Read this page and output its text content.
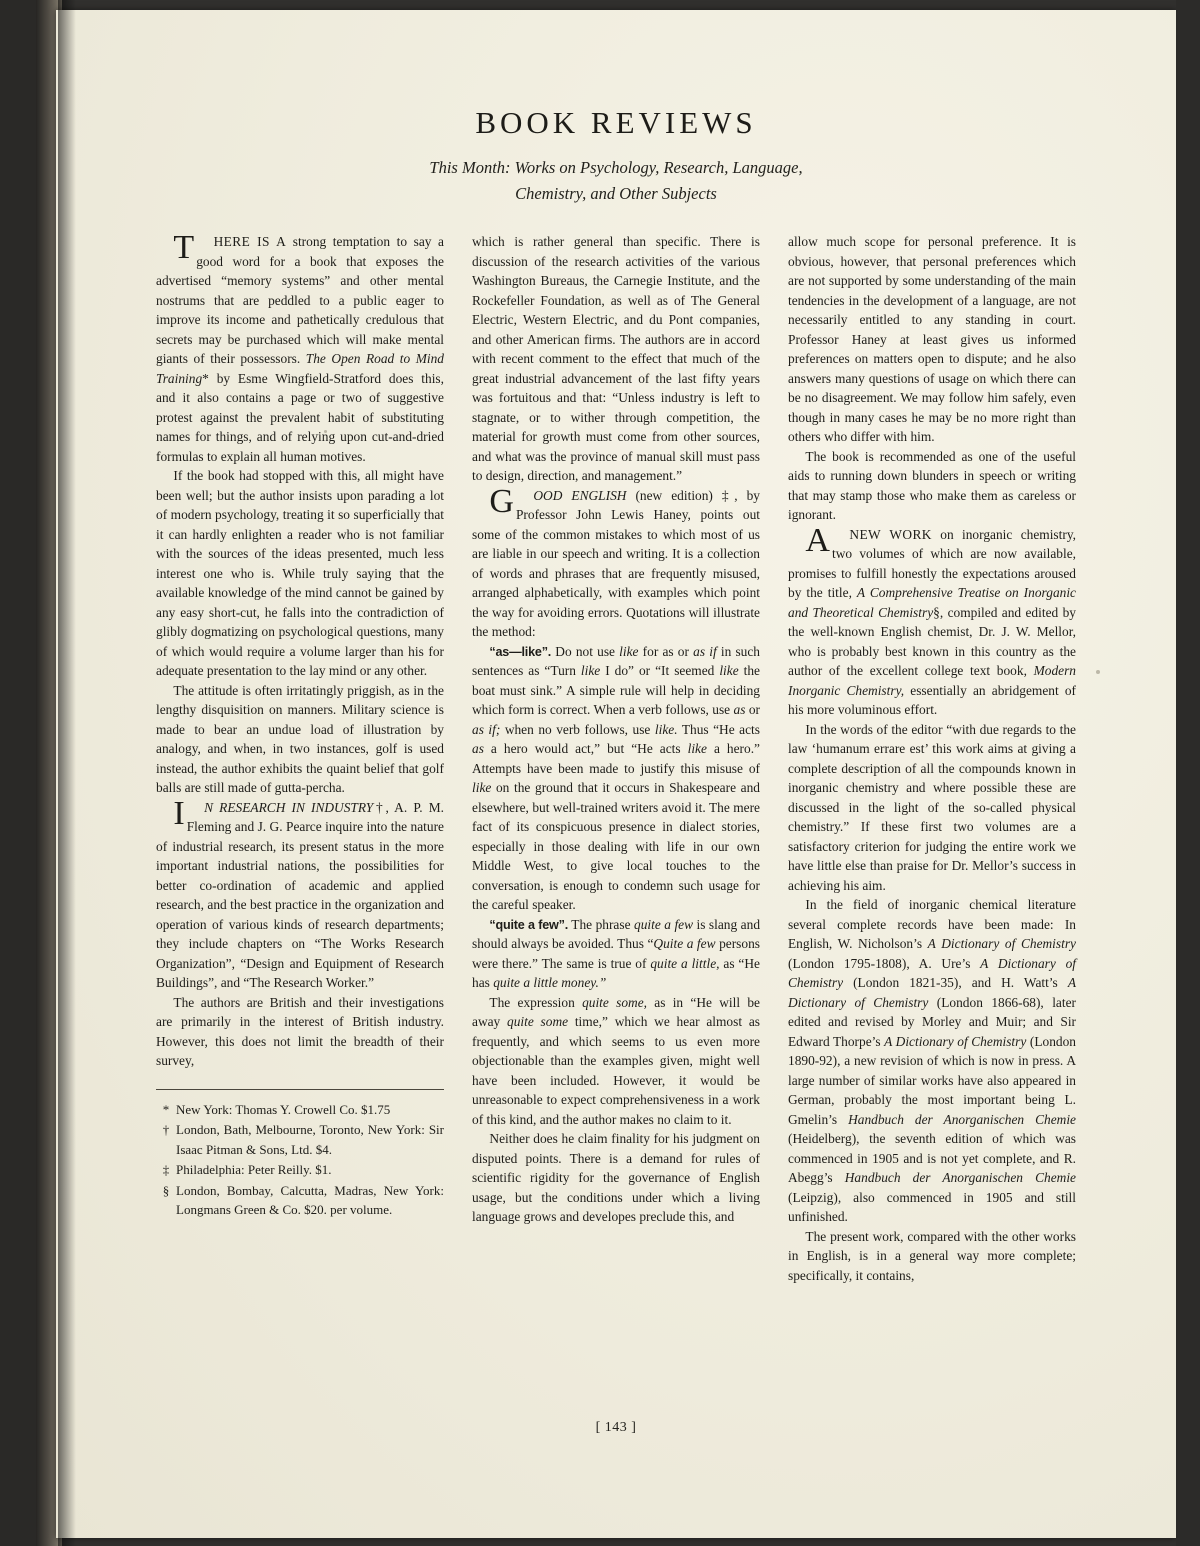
BOOK REVIEWS
This Month: Works on Psychology, Research, Language,
Chemistry, and Other Subjects

T HERE IS A strong temptation to say a good word for a book that exposes the advertised “memory systems” and other mental nostrums that are peddled to a public eager to improve its income and pathetically credulous that secrets may be purchased which will make mental giants of their possessors. The Open Road to Mind Training* by Esme Wingfield-Stratford does this, and it also contains a page or two of suggestive protest against the prevalent habit of substituting names for things, and of relying upon cut-and-dried formulas to explain all human motives.

If the book had stopped with this, all might have been well; but the author insists upon parading a lot of modern psychology, treating it so superficially that it can hardly enlighten a reader who is not familiar with the sources of the ideas presented, much less interest one who is. While truly saying that the available knowledge of the mind cannot be gained by any easy short-cut, he falls into the contradiction of glibly dogmatizing on psychological questions, many of which would require a volume larger than his for adequate presentation to the lay mind or any other.

The attitude is often irritatingly priggish, as in the lengthy disquisition on manners. Military science is made to bear an undue load of illustration by analogy, and when, in two instances, golf is used instead, the author exhibits the quaint belief that golf balls are still made of gutta-percha.

I N RESEARCH IN INDUSTRY†, A. P. M. Fleming and J. G. Pearce inquire into the nature of industrial research, its present status in the more important industrial nations, the possibilities for better co-ordination of academic and applied research, and the best practice in the organization and operation of various kinds of research departments; they include chapters on “The Works Research Organization”, “Design and Equipment of Research Buildings”, and “The Research Worker.”

The authors are British and their investigations are primarily in the interest of British industry. However, this does not limit the breadth of their survey,

* New York: Thomas Y. Crowell Co. $1.75
† London, Bath, Melbourne, Toronto, New York: Sir Isaac Pitman & Sons, Ltd. $4.
‡ Philadelphia: Peter Reilly. $1.
§ London, Bombay, Calcutta, Madras, New York: Longmans Green & Co. $20. per volume.

which is rather general than specific. There is discussion of the research activities of the various Washington Bureaus, the Carnegie Institute, and the Rockefeller Foundation, as well as of The General Electric, Western Electric, and du Pont companies, and other American firms. The authors are in accord with recent comment to the effect that much of the great industrial advancement of the last fifty years was fortuitous and that: “Unless industry is left to stagnate, or to wither through competition, the material for growth must come from other sources, and what was the province of manual skill must pass to design, direction, and management.”

G OOD ENGLISH (new edition) ‡, by Professor John Lewis Haney, points out some of the common mistakes to which most of us are liable in our speech and writing. It is a collection of words and phrases that are frequently misused, arranged alphabetically, with examples which point the way for avoiding errors. Quotations will illustrate the method:

“as—like”. Do not use like for as or as if in such sentences as “Turn like I do” or “It seemed like the boat must sink.” A simple rule will help in deciding which form is correct. When a verb follows, use as or as if; when no verb follows, use like. Thus “He acts as a hero would act,” but “He acts like a hero.” Attempts have been made to justify this misuse of like on the ground that it occurs in Shakespeare and elsewhere, but well-trained writers avoid it. The mere fact of its conspicuous presence in dialect stories, especially in those dealing with life in our own Middle West, to give local touches to the conversation, is enough to condemn such usage for the careful speaker.

“quite a few”. The phrase quite a few is slang and should always be avoided. Thus “Quite a few persons were there.” The same is true of quite a little, as “He has quite a little money.”

The expression quite some, as in “He will be away quite some time,” which we hear almost as frequently, and which seems to us even more objectionable than the examples given, might well have been included. However, it would be unreasonable to expect comprehensiveness in a work of this kind, and the author makes no claim to it.

Neither does he claim finality for his judgment on disputed points. There is a demand for rules of scientific rigidity for the governance of English usage, but the conditions under which a living language grows and developes preclude this, and

allow much scope for personal preference. It is obvious, however, that personal preferences which are not supported by some understanding of the main tendencies in the development of a language, are not necessarily entitled to any standing in court. Professor Haney at least gives us informed preferences on matters open to dispute; and he also answers many questions of usage on which there can be no disagreement. We may follow him safely, even though in many cases he may be no more right than others who differ with him.

The book is recommended as one of the useful aids to running down blunders in speech or writing that may stamp those who make them as careless or ignorant.

A NEW WORK on inorganic chemistry, two volumes of which are now available, promises to fulfill honestly the expectations aroused by the title, A Comprehensive Treatise on Inorganic and Theoretical Chemistry§, compiled and edited by the well-known English chemist, Dr. J. W. Mellor, who is probably best known in this country as the author of the excellent college text book, Modern Inorganic Chemistry, essentially an abridgement of his more voluminous effort.

In the words of the editor “with due regards to the law ‘humanum errare est’ this work aims at giving a complete description of all the compounds known in inorganic chemistry and where possible these are discussed in the light of the so-called physical chemistry.” If these first two volumes are a satisfactory criterion for judging the entire work we have little else than praise for Dr. Mellor’s success in achieving his aim.

In the field of inorganic chemical literature several complete records have been made: In English, W. Nicholson’s A Dictionary of Chemistry (London 1795-1808), A. Ure’s A Dictionary of Chemistry (London 1821-35), and H. Watt’s A Dictionary of Chemistry (London 1866-68), later edited and revised by Morley and Muir; and Sir Edward Thorpe’s A Dictionary of Chemistry (London 1890-92), a new revision of which is now in press. A large number of similar works have also appeared in German, probably the most important being L. Gmelin’s Handbuch der Anorganischen Chemie (Heidelberg), the seventh edition of which was commenced in 1905 and is not yet complete, and R. Abegg’s Handbuch der Anorganischen Chemie (Leipzig), also commenced in 1905 and still unfinished.

The present work, compared with the other works in English, is in a general way more complete; specifically, it contains,

[ 143 ]
